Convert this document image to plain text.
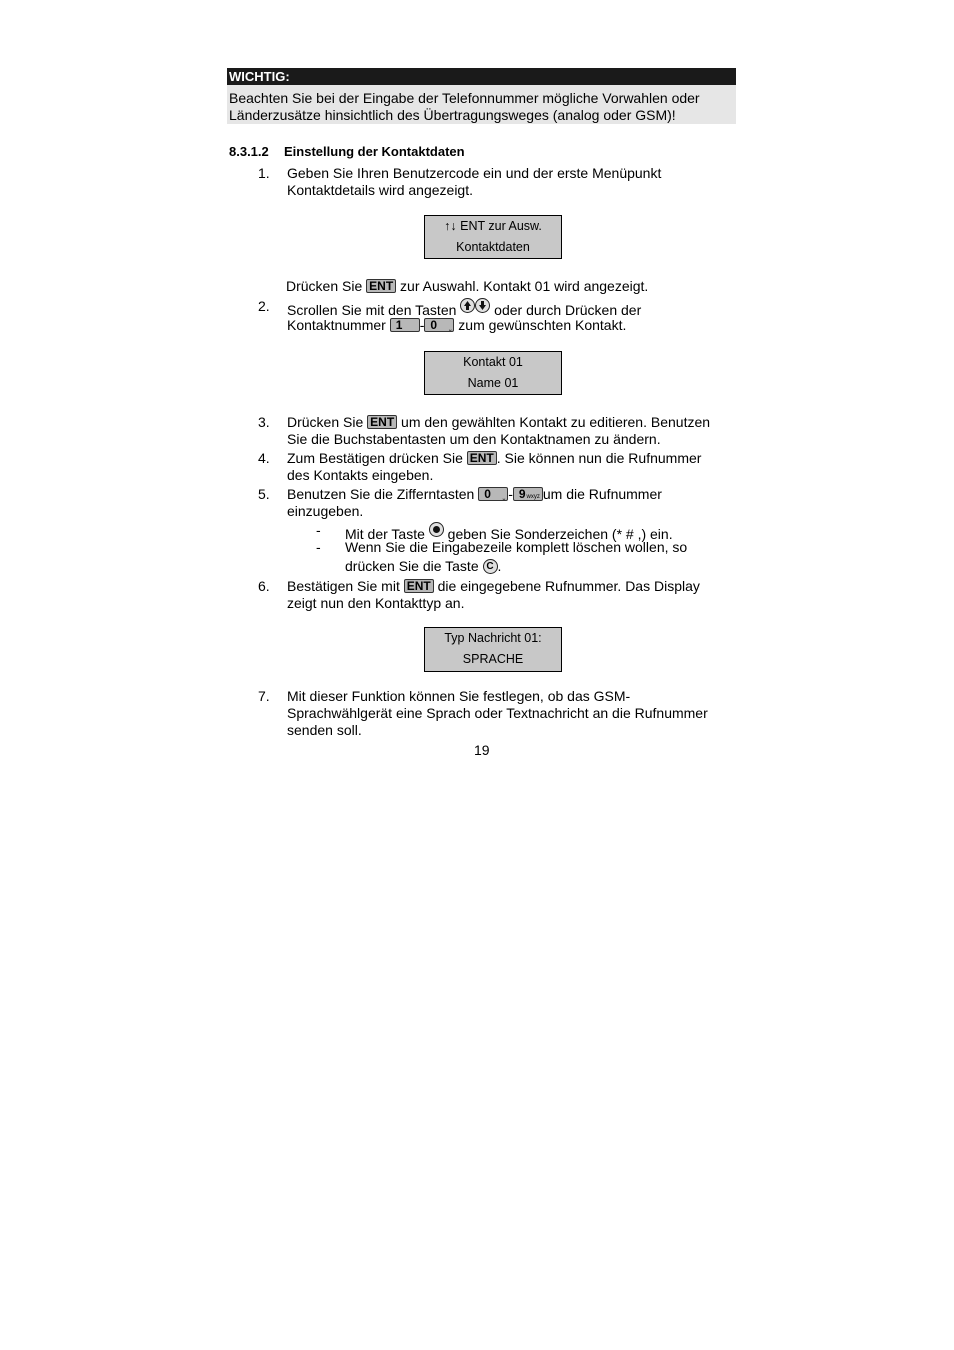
WICHTIG:
Beachten Sie bei der Eingabe der Telefonnummer mögliche Vorwahlen oder
Länderzusätze hinsichtlich des Übertragungsweges (analog oder GSM)!
8.3.1.2 Einstellung der Kontaktdaten
1. Geben Sie Ihren Benutzercode ein und der erste Menüpunkt
Kontaktdetails wird angezeigt.
↑↓ ENT zur Ausw.
Kontaktdaten
Drücken Sie ENT zur Auswahl. Kontakt 01 wird angezeigt.
2. Scrollen Sie mit den Tasten	oder durch Drücken der
Kontaktnummer 1 - 0 ⎵ zum gewünschten Kontakt.
Kontakt 01
Name 01
3. Drücken Sie ENT um den gewählten Kontakt zu editieren. Benutzen
Sie die Buchstabentasten um den Kontaktnamen zu ändern.
4. Zum Bestätigen drücken Sie ENT . Sie können nun die Rufnummer
des Kontakts eingeben.
5. Benutzen Sie die Zifferntasten 0 ⎵ - 9 wxyz um die Rufnummer
einzugeben.
- Mit der Taste geben Sie Sonderzeichen (* # ,) ein.
- Wenn Sie die Eingabezeile komplett löschen wollen, so
drücken Sie die Taste C .
6. Bestätigen Sie mit ENT die eingegebene Rufnummer. Das Display
zeigt nun den Kontakttyp an.
Typ Nachricht 01:
SPRACHE
7. Mit dieser Funktion können Sie festlegen, ob das GSM-
Sprachwählgerät eine Sprach oder Textnachricht an die Rufnummer
senden soll.
19
